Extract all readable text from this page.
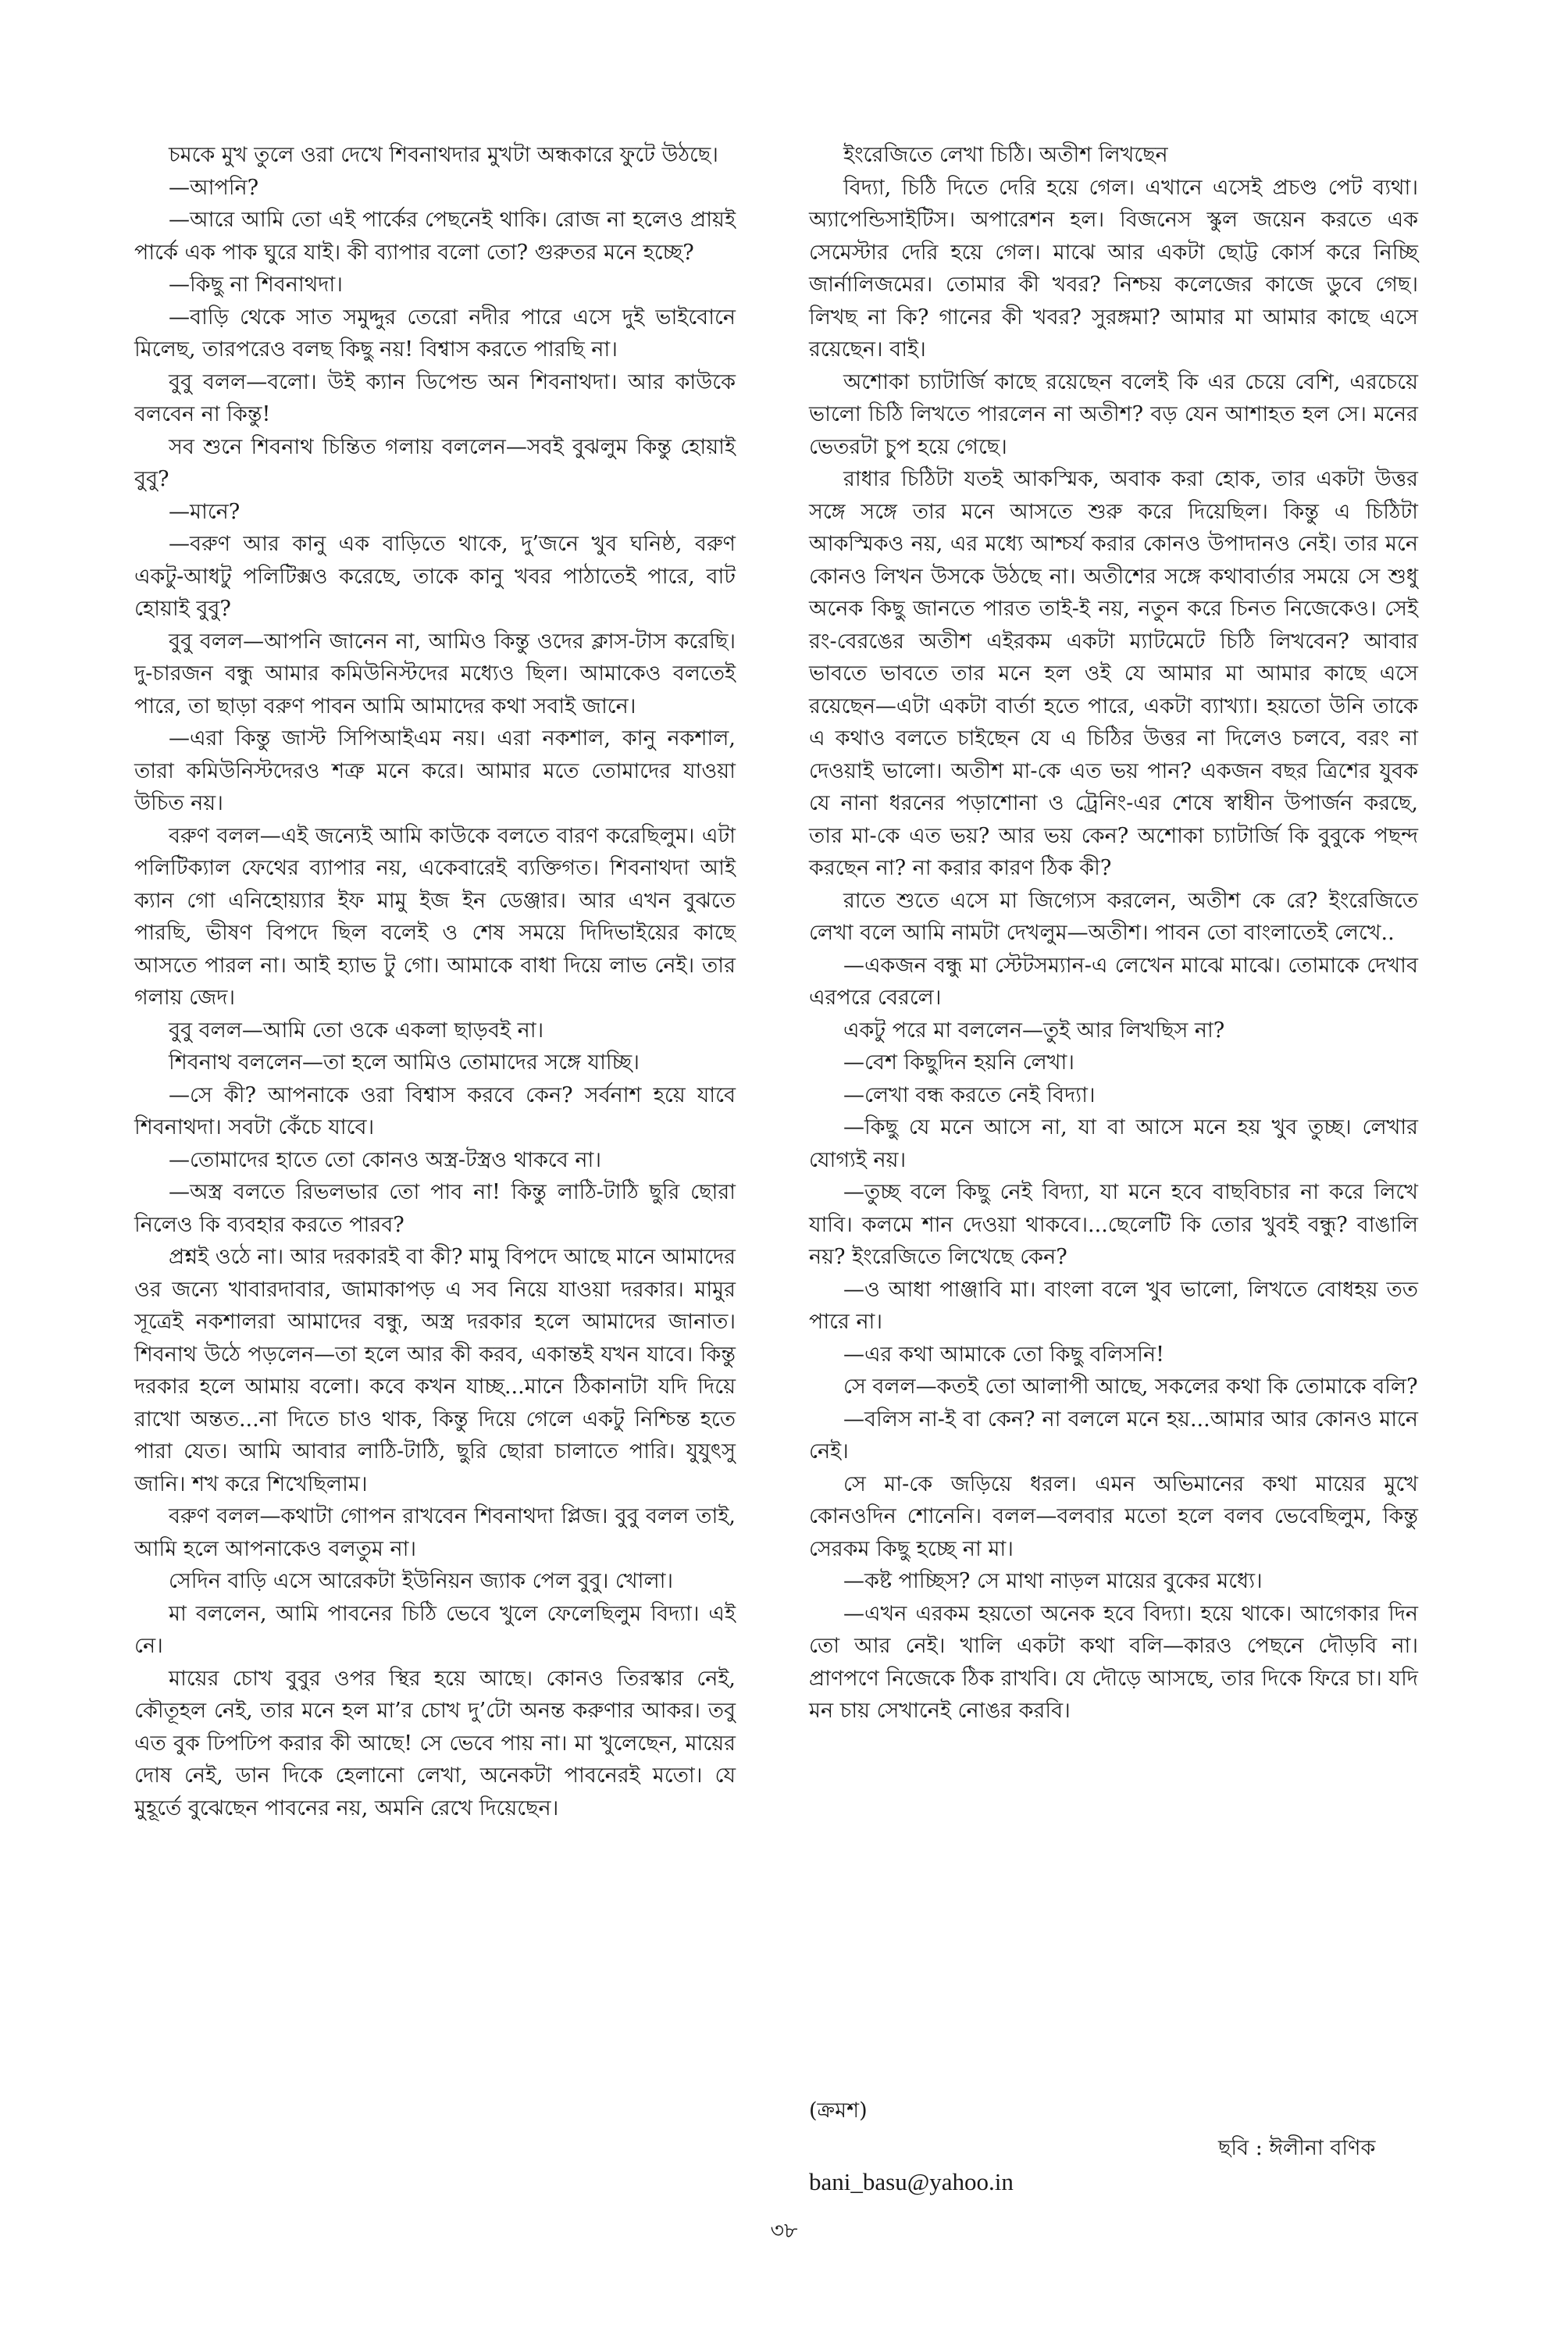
চমকে মুখ তুলে ওরা দেখে শিবনাথদার মুখটা অন্ধকারে ফুটে উঠছে।

—আপনি?

—আরে আমি তো এই পার্কের পেছনেই থাকি। রোজ না হলেও প্রায়ই পার্কে এক পাক ঘুরে যাই। কী ব্যাপার বলো তো? গুরুতর মনে হচ্ছে?

—কিছু না শিবনাথদা।

—বাড়ি থেকে সাত সমুদ্দুর তেরো নদীর পারে এসে দুই ভাইবোনে মিলেছ, তারপরেও বলছ কিছু নয়! বিশ্বাস করতে পারছি না।

বুবু বলল—বলো। উই ক্যান ডিপেন্ড অন শিবনাথদা। আর কাউকে বলবেন না কিন্তু!

সব শুনে শিবনাথ চিন্তিত গলায় বললেন—সবই বুঝলুম কিন্তু হোয়াই বুবু?

—মানে?

—বরুণ আর কানু এক বাড়িতে থাকে, দু’জনে খুব ঘনিষ্ঠ, বরুণ একটু-আধটু পলিটিক্সও করেছে, তাকে কানু খবর পাঠাতেই পারে, বাট হোয়াই বুবু?

বুবু বলল—আপনি জানেন না, আমিও কিন্তু ওদের ক্লাস-টাস করেছি। দু-চারজন বন্ধু আমার কমিউনিস্টদের মধ্যেও ছিল। আমাকেও বলতেই পারে, তা ছাড়া বরুণ পাবন আমি আমাদের কথা সবাই জানে।

—এরা কিন্তু জাস্ট সিপিআইএম নয়। এরা নকশাল, কানু নকশাল, তারা কমিউনিস্টদেরও শত্রু মনে করে। আমার মতে তোমাদের যাওয়া উচিত নয়।

বরুণ বলল—এই জন্যেই আমি কাউকে বলতে বারণ করেছিলুম। এটা পলিটিক্যাল ফেথের ব্যাপার নয়, একেবারেই ব্যক্তিগত। শিবনাথদা আই ক্যান গো এনিহোয়্যার ইফ মামু ইজ ইন ডেঞ্জার। আর এখন বুঝতে পারছি, ভীষণ বিপদে ছিল বলেই ও শেষ সময়ে দিদিভাইয়ের কাছে আসতে পারল না। আই হ্যাভ টু গো। আমাকে বাধা দিয়ে লাভ নেই। তার গলায় জেদ।

বুবু বলল—আমি তো ওকে একলা ছাড়বই না।

শিবনাথ বললেন—তা হলে আমিও তোমাদের সঙ্গে যাচ্ছি।

—সে কী? আপনাকে ওরা বিশ্বাস করবে কেন? সর্বনাশ হয়ে যাবে শিবনাথদা। সবটা কেঁচে যাবে।

—তোমাদের হাতে তো কোনও অস্ত্র-টস্ত্রও থাকবে না।

—অস্ত্র বলতে রিভলভার তো পাব না! কিন্তু লাঠি-টাঠি ছুরি ছোরা নিলেও কি ব্যবহার করতে পারব?

প্রশ্নই ওঠে না। আর দরকারই বা কী? মামু বিপদে আছে মানে আমাদের ওর জন্যে খাবারদাবার, জামাকাপড় এ সব নিয়ে যাওয়া দরকার। মামুর সূত্রেই নকশালরা আমাদের বন্ধু, অস্ত্র দরকার হলে আমাদের জানাত। শিবনাথ উঠে পড়লেন—তা হলে আর কী করব, একান্তই যখন যাবে। কিন্তু দরকার হলে আমায় বলো। কবে কখন যাচ্ছ...মানে ঠিকানাটা যদি দিয়ে রাখো অন্তত...না দিতে চাও থাক, কিন্তু দিয়ে গেলে একটু নিশ্চিন্ত হতে পারা যেত। আমি আবার লাঠি-টাঠি, ছুরি ছোরা চালাতে পারি। যুযুৎসু জানি। শখ করে শিখেছিলাম।

বরুণ বলল—কথাটা গোপন রাখবেন শিবনাথদা প্লিজ। বুবু বলল তাই, আমি হলে আপনাকেও বলতুম না।

সেদিন বাড়ি এসে আরেকটা ইউনিয়ন জ্যাক পেল বুবু। খোলা।

মা বললেন, আমি পাবনের চিঠি ভেবে খুলে ফেলেছিলুম বিদ্যা। এই নে।

মায়ের চোখ বুবুর ওপর স্থির হয়ে আছে। কোনও তিরস্কার নেই, কৌতূহল নেই, তার মনে হল মা’র চোখ দু’টো অনন্ত করুণার আকর। তবু এত বুক ঢিপঢিপ করার কী আছে! সে ভেবে পায় না। মা খুলেছেন, মায়ের দোষ নেই, ডান দিকে হেলানো লেখা, অনেকটা পাবনেরই মতো। যে মুহূর্তে বুঝেছেন পাবনের নয়, অমনি রেখে দিয়েছেন।

ইংরেজিতে লেখা চিঠি। অতীশ লিখছেন

বিদ্যা, চিঠি দিতে দেরি হয়ে গেল। এখানে এসেই প্রচণ্ড পেট ব্যথা। অ্যাপেন্ডিসাইটিস। অপারেশন হল। বিজনেস স্কুল জয়েন করতে এক সেমেস্টার দেরি হয়ে গেল। মাঝে আর একটা ছোট্ট কোর্স করে নিচ্ছি জার্নালিজমের। তোমার কী খবর? নিশ্চয় কলেজের কাজে ডুবে গেছ। লিখছ না কি? গানের কী খবর? সুরঙ্গমা? আমার মা আমার কাছে এসে রয়েছেন। বাই।

অশোকা চ্যাটার্জি কাছে রয়েছেন বলেই কি এর চেয়ে বেশি, এরচেয়ে ভালো চিঠি লিখতে পারলেন না অতীশ? বড় যেন আশাহত হল সে। মনের ভেতরটা চুপ হয়ে গেছে।

রাধার চিঠিটা যতই আকস্মিক, অবাক করা হোক, তার একটা উত্তর সঙ্গে সঙ্গে তার মনে আসতে শুরু করে দিয়েছিল। কিন্তু এ চিঠিটা আকস্মিকও নয়, এর মধ্যে আশ্চর্য করার কোনও উপাদানও নেই। তার মনে কোনও লিখন উসকে উঠছে না। অতীশের সঙ্গে কথাবার্তার সময়ে সে শুধু অনেক কিছু জানতে পারত তাই-ই নয়, নতুন করে চিনত নিজেকেও। সেই রং-বেরঙের অতীশ এইরকম একটা ম্যাটমেটে চিঠি লিখবেন? আবার ভাবতে ভাবতে তার মনে হল ওই যে আমার মা আমার কাছে এসে রয়েছেন—এটা একটা বার্তা হতে পারে, একটা ব্যাখ্যা। হয়তো উনি তাকে এ কথাও বলতে চাইছেন যে এ চিঠির উত্তর না দিলেও চলবে, বরং না দেওয়াই ভালো। অতীশ মা-কে এত ভয় পান? একজন বছর ত্রিশের যুবক যে নানা ধরনের পড়াশোনা ও ট্রেনিং-এর শেষে স্বাধীন উপার্জন করছে, তার মা-কে এত ভয়? আর ভয় কেন? অশোকা চ্যাটার্জি কি বুবুকে পছন্দ করছেন না? না করার কারণ ঠিক কী?

রাতে শুতে এসে মা জিগ্যেস করলেন, অতীশ কে রে? ইংরেজিতে লেখা বলে আমি নামটা দেখলুম—অতীশ। পাবন তো বাংলাতেই লেখে..

—একজন বন্ধু মা স্টেটসম্যান-এ লেখেন মাঝে মাঝে। তোমাকে দেখাব এরপরে বেরলে।

একটু পরে মা বললেন—তুই আর লিখছিস না?

—বেশ কিছুদিন হয়নি লেখা।

—লেখা বন্ধ করতে নেই বিদ্যা।

—কিছু যে মনে আসে না, যা বা আসে মনে হয় খুব তুচ্ছ। লেখার যোগ্যই নয়।

—তুচ্ছ বলে কিছু নেই বিদ্যা, যা মনে হবে বাছবিচার না করে লিখে যাবি। কলমে শান দেওয়া থাকবে।...ছেলেটি কি তোর খুবই বন্ধু? বাঙালি নয়? ইংরেজিতে লিখেছে কেন?

—ও আধা পাঞ্জাবি মা। বাংলা বলে খুব ভালো, লিখতে বোধহয় তত পারে না।

—এর কথা আমাকে তো কিছু বলিসনি!

সে বলল—কতই তো আলাপী আছে, সকলের কথা কি তোমাকে বলি?

—বলিস না-ই বা কেন? না বললে মনে হয়...আমার আর কোনও মানে নেই।

সে মা-কে জড়িয়ে ধরল। এমন অভিমানের কথা মায়ের মুখে কোনওদিন শোনেনি। বলল—বলবার মতো হলে বলব ভেবেছিলুম, কিন্তু সেরকম কিছু হচ্ছে না মা।

—কষ্ট পাচ্ছিস? সে মাথা নাড়ল মায়ের বুকের মধ্যে।

—এখন এরকম হয়তো অনেক হবে বিদ্যা। হয়ে থাকে। আগেকার দিন তো আর নেই। খালি একটা কথা বলি—কারও পেছনে দৌড়বি না। প্রাণপণে নিজেকে ঠিক রাখবি। যে দৌড়ে আসছে, তার দিকে ফিরে চা। যদি মন চায় সেখানেই নোঙর করবি।

(ক্রমশ)
ছবি : ঈলীনা বণিক
bani_basu@yahoo.in
৩৮
